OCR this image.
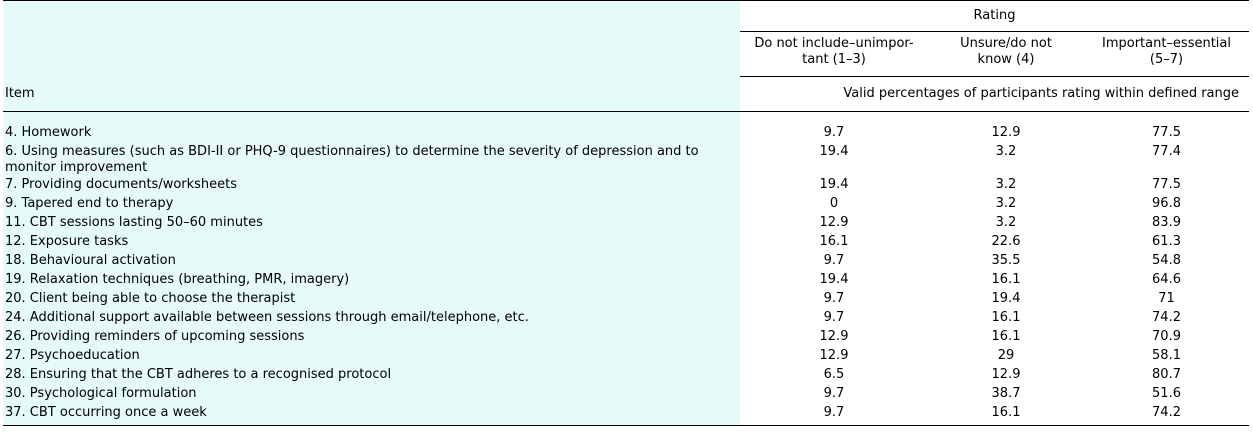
	Rating		
	Do not include–unimpor-
tant (1–3)	Unsure/do not
know (4)	Important–essential
(5–7)
Item	Valid percentages of participants rating within defined range		

4. Homework	9.7	12.9	77.5
6. Using measures (such as BDI-II or PHQ-9 questionnaires) to determine the severity of depression and to monitor improvement	19.4	3.2	77.4
7. Providing documents/worksheets	19.4	3.2	77.5
9. Tapered end to therapy	0	3.2	96.8
11. CBT sessions lasting 50–60 minutes	12.9	3.2	83.9
12. Exposure tasks	16.1	22.6	61.3
18. Behavioural activation	9.7	35.5	54.8
19. Relaxation techniques (breathing, PMR, imagery)	19.4	16.1	64.6
20. Client being able to choose the therapist	9.7	19.4	71
24. Additional support available between sessions through email/telephone, etc.	9.7	16.1	74.2
26. Providing reminders of upcoming sessions	12.9	16.1	70.9
27. Psychoeducation	12.9	29	58.1
28. Ensuring that the CBT adheres to a recognised protocol	6.5	12.9	80.7
30. Psychological formulation	9.7	38.7	51.6
37. CBT occurring once a week	9.7	16.1	74.2
